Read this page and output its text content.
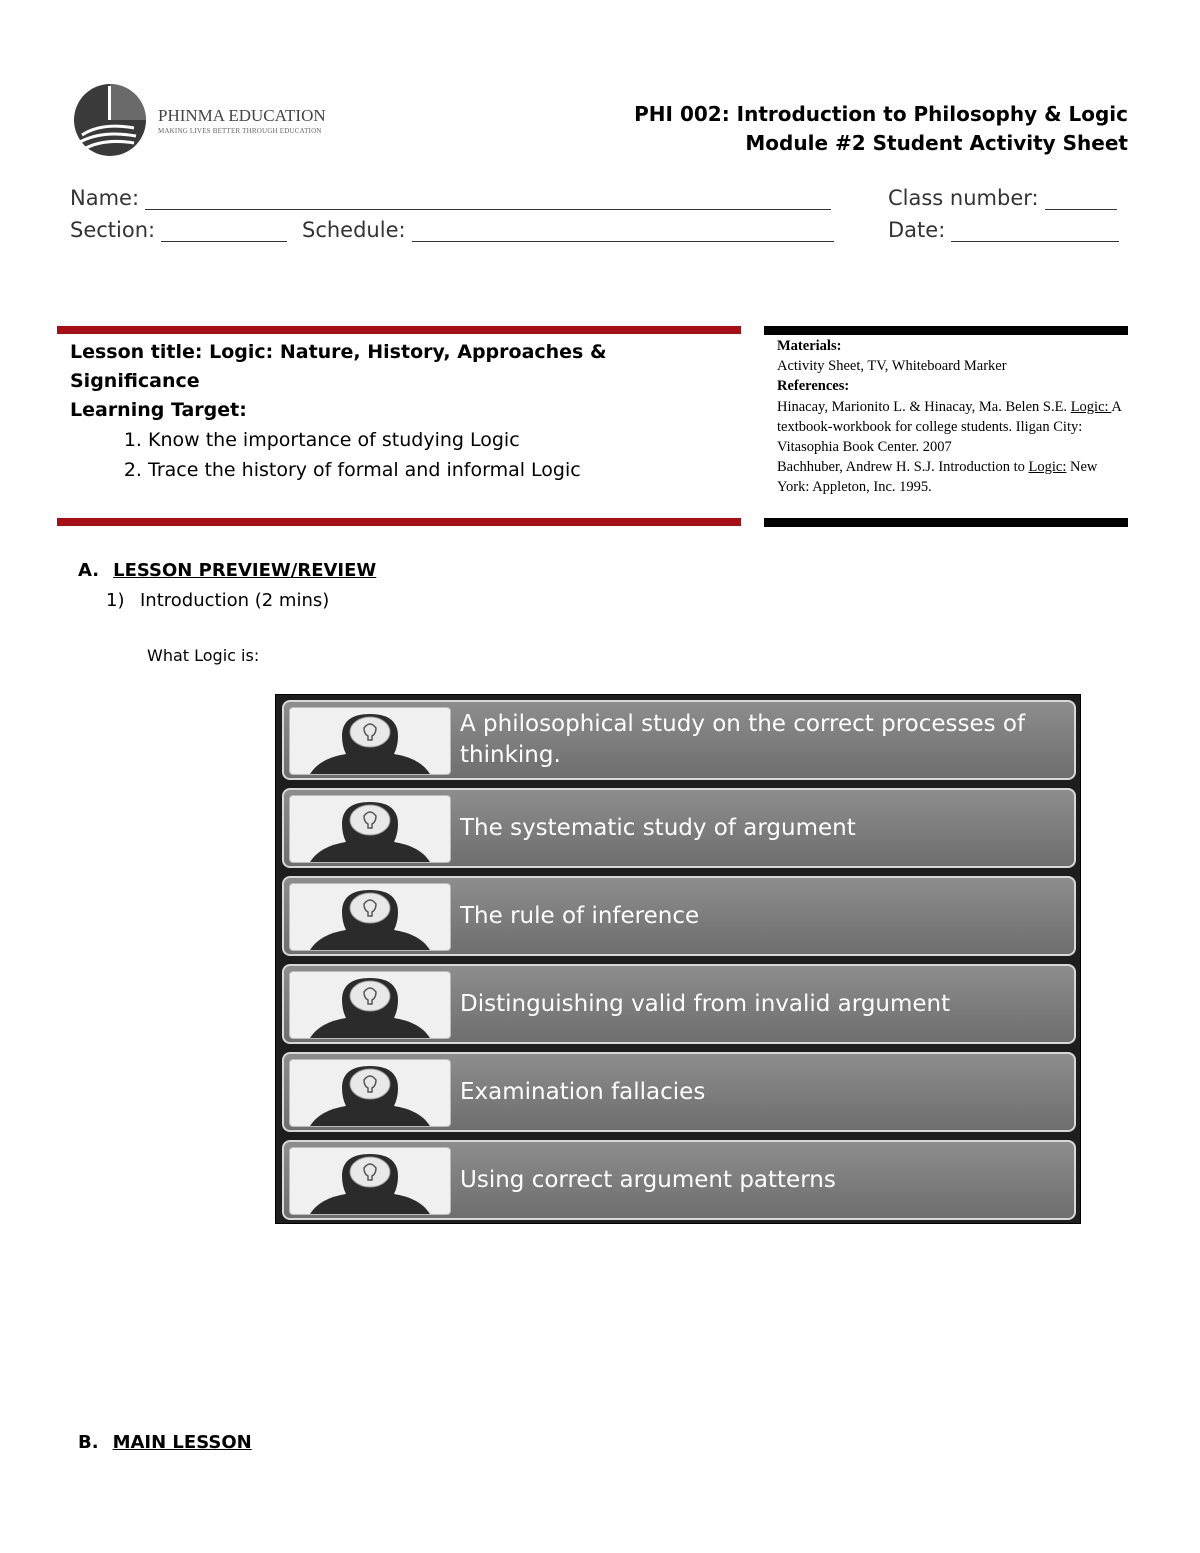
PHINMA EDUCATION
MAKING LIVES BETTER THROUGH EDUCATION
PHI 002: Introduction to Philosophy & Logic
Module #2 Student Activity Sheet
Name:	Class number:
Section:	Schedule:	Date:
Lesson title: Logic: Nature, History, Approaches &
Significance
Learning Target:
1. Know the importance of studying Logic
2. Trace the history of formal and informal Logic
Materials:
Activity Sheet, TV, Whiteboard Marker
References:
Hinacay, Marionito L. & Hinacay, Ma. Belen S.E. Logic: A textbook-workbook for college students. Iligan City: Vitasophia Book Center. 2007
Bachhuber, Andrew H. S.J. Introduction to Logic: New York: Appleton, Inc. 1995.
A. LESSON PREVIEW/REVIEW
1) Introduction (2 mins)
What Logic is:
A philosophical study on the correct processes of thinking.
The systematic study of argument
The rule of inference
Distinguishing valid from invalid argument
Examination fallacies
Using correct argument patterns
B. MAIN LESSON
